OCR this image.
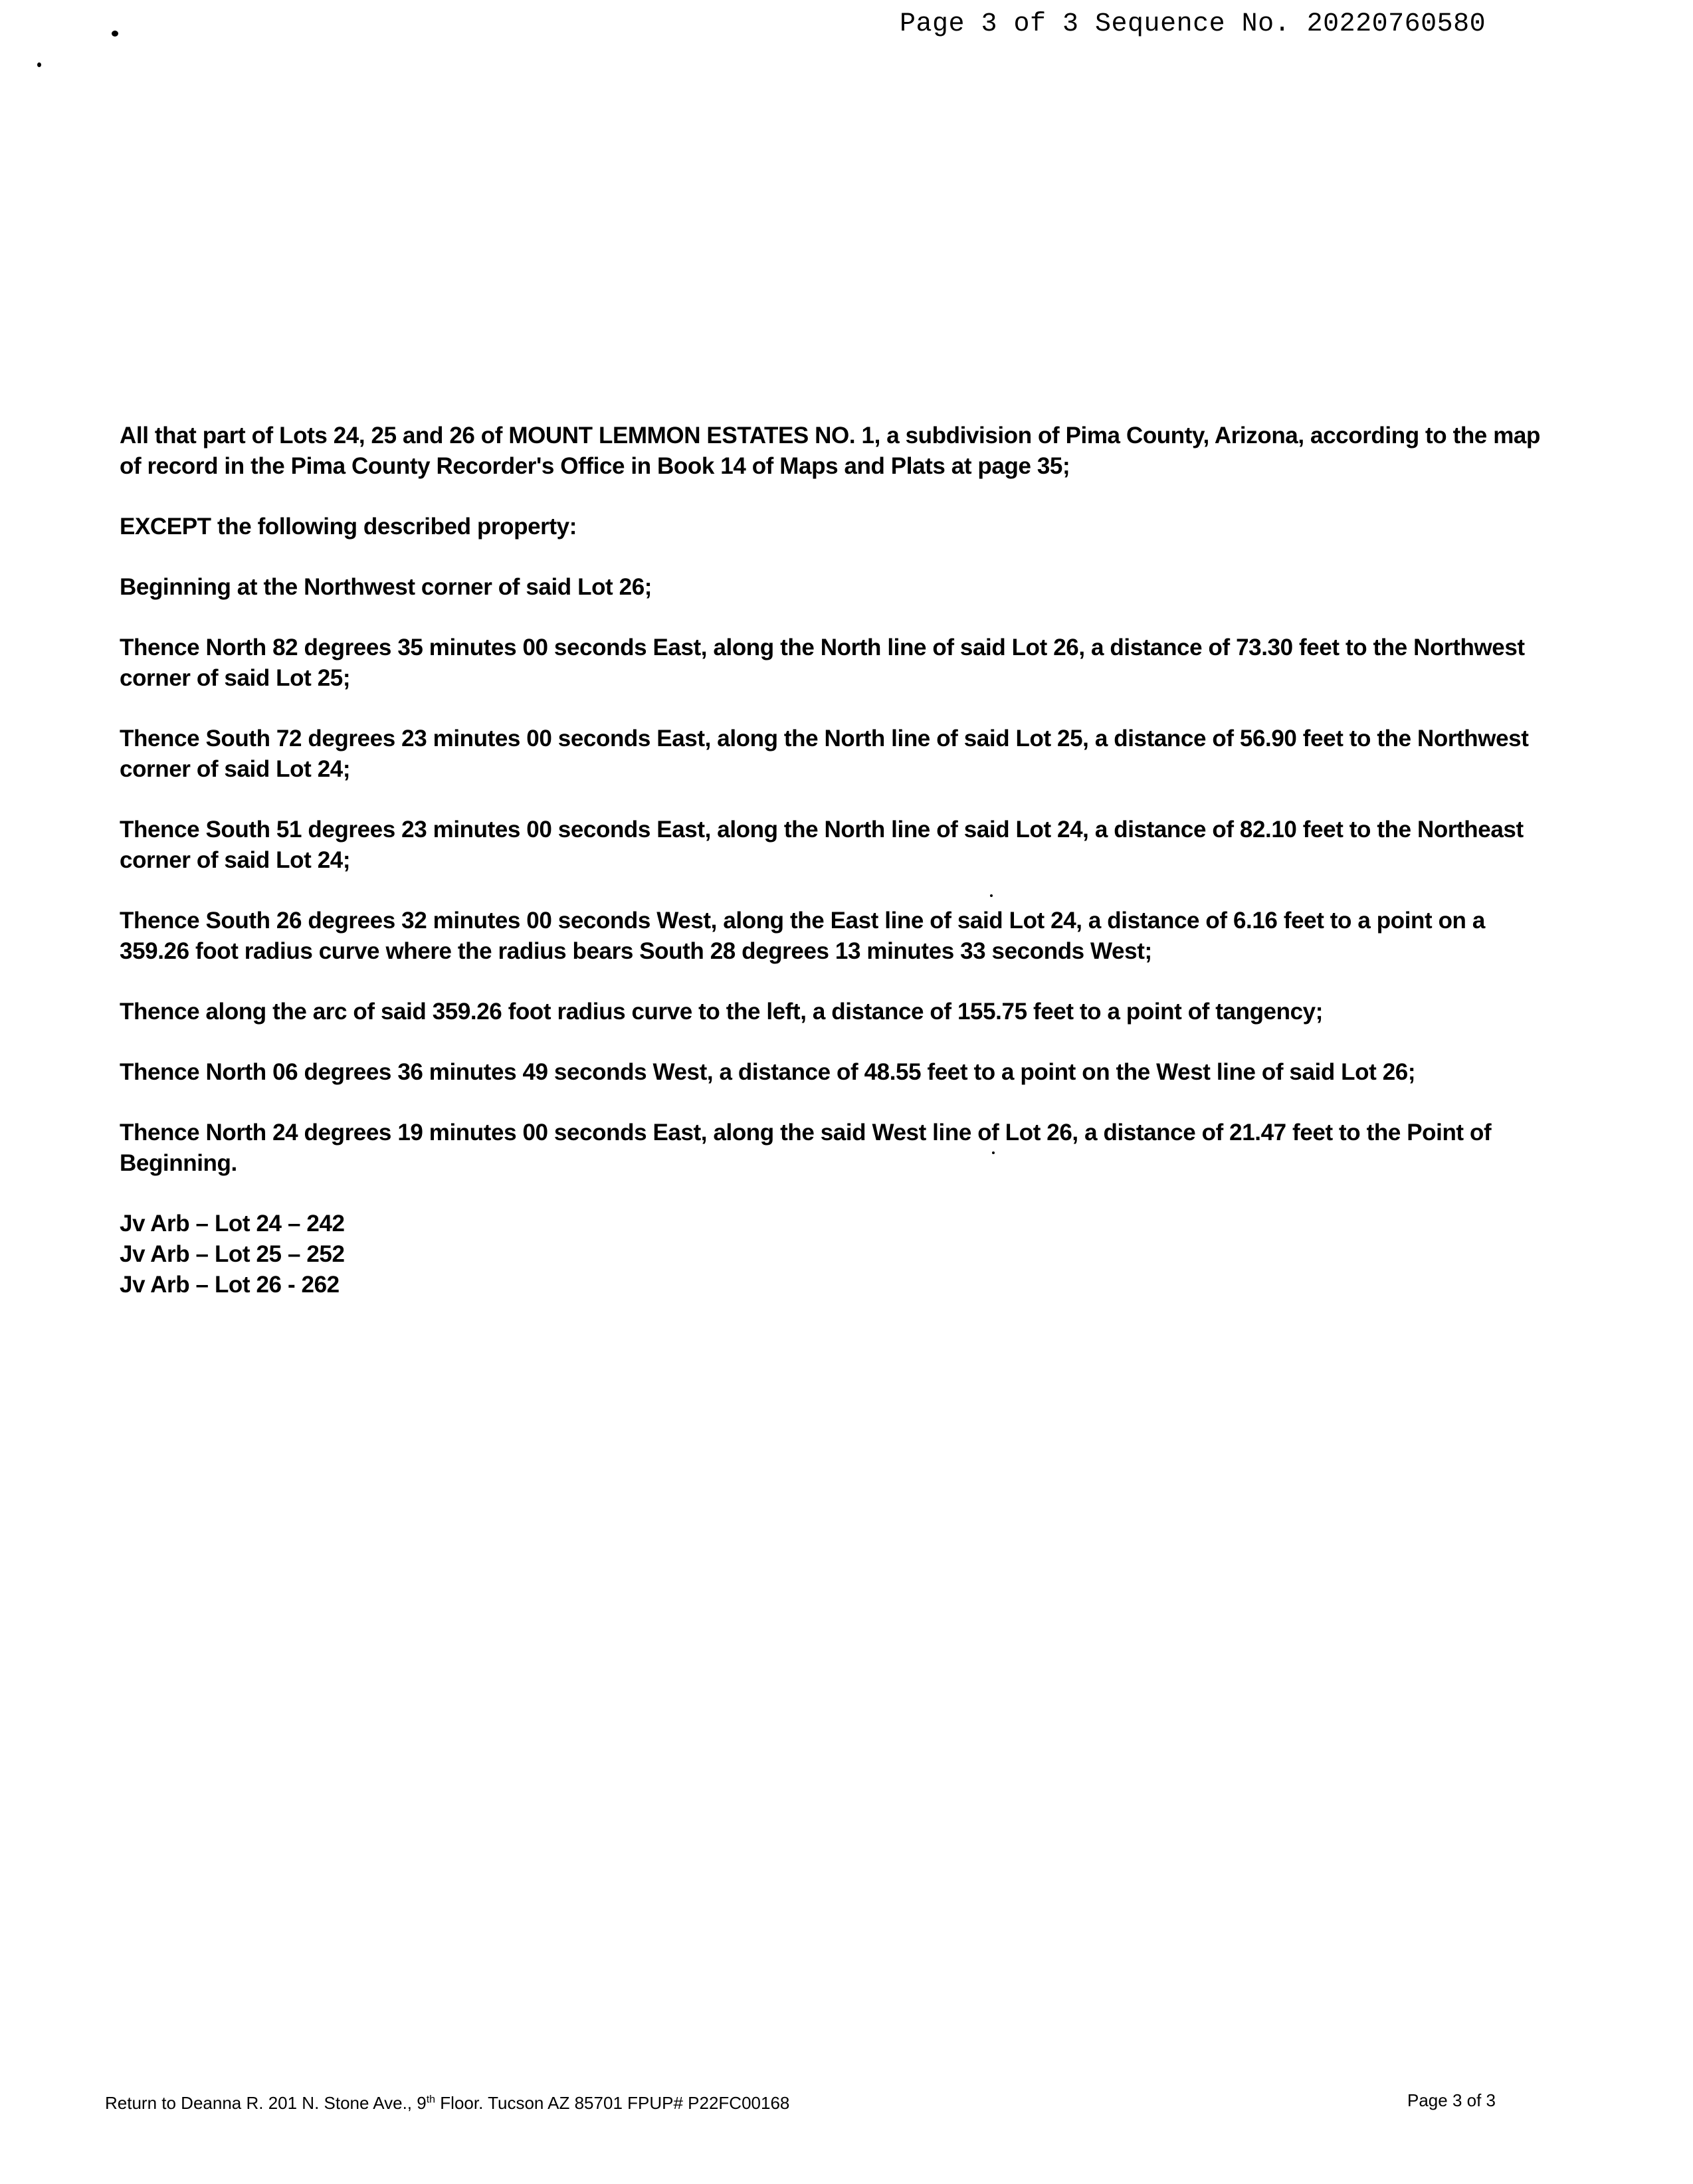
Page 3 of 3 Sequence No. 20220760580

All that part of Lots 24, 25 and 26 of MOUNT LEMMON ESTATES NO. 1, a subdivision of Pima County, Arizona, according to the map of record in the Pima County Recorder's Office in Book 14 of Maps and Plats at page 35;

EXCEPT the following described property:

Beginning at the Northwest corner of said Lot 26;

Thence North 82 degrees 35 minutes 00 seconds East, along the North line of said Lot 26, a distance of 73.30 feet to the Northwest corner of said Lot 25;

Thence South 72 degrees 23 minutes 00 seconds East, along the North line of said Lot 25, a distance of 56.90 feet to the Northwest corner of said Lot 24;

Thence South 51 degrees 23 minutes 00 seconds East, along the North line of said Lot 24, a distance of 82.10 feet to the Northeast corner of said Lot 24;

Thence South 26 degrees 32 minutes 00 seconds West, along the East line of said Lot 24, a distance of 6.16 feet to a point on a 359.26 foot radius curve where the radius bears South 28 degrees 13 minutes 33 seconds West;

Thence along the arc of said 359.26 foot radius curve to the left, a distance of 155.75 feet to a point of tangency;

Thence North 06 degrees 36 minutes 49 seconds West, a distance of 48.55 feet to a point on the West line of said Lot 26;

Thence North 24 degrees 19 minutes 00 seconds East, along the said West line of Lot 26, a distance of 21.47 feet to the Point of Beginning.

Jv Arb – Lot 24 – 242
Jv Arb – Lot 25 – 252
Jv Arb – Lot 26 - 262
Return to Deanna R. 201 N. Stone Ave., 9th Floor. Tucson AZ 85701 FPUP# P22FC00168	Page 3 of 3
